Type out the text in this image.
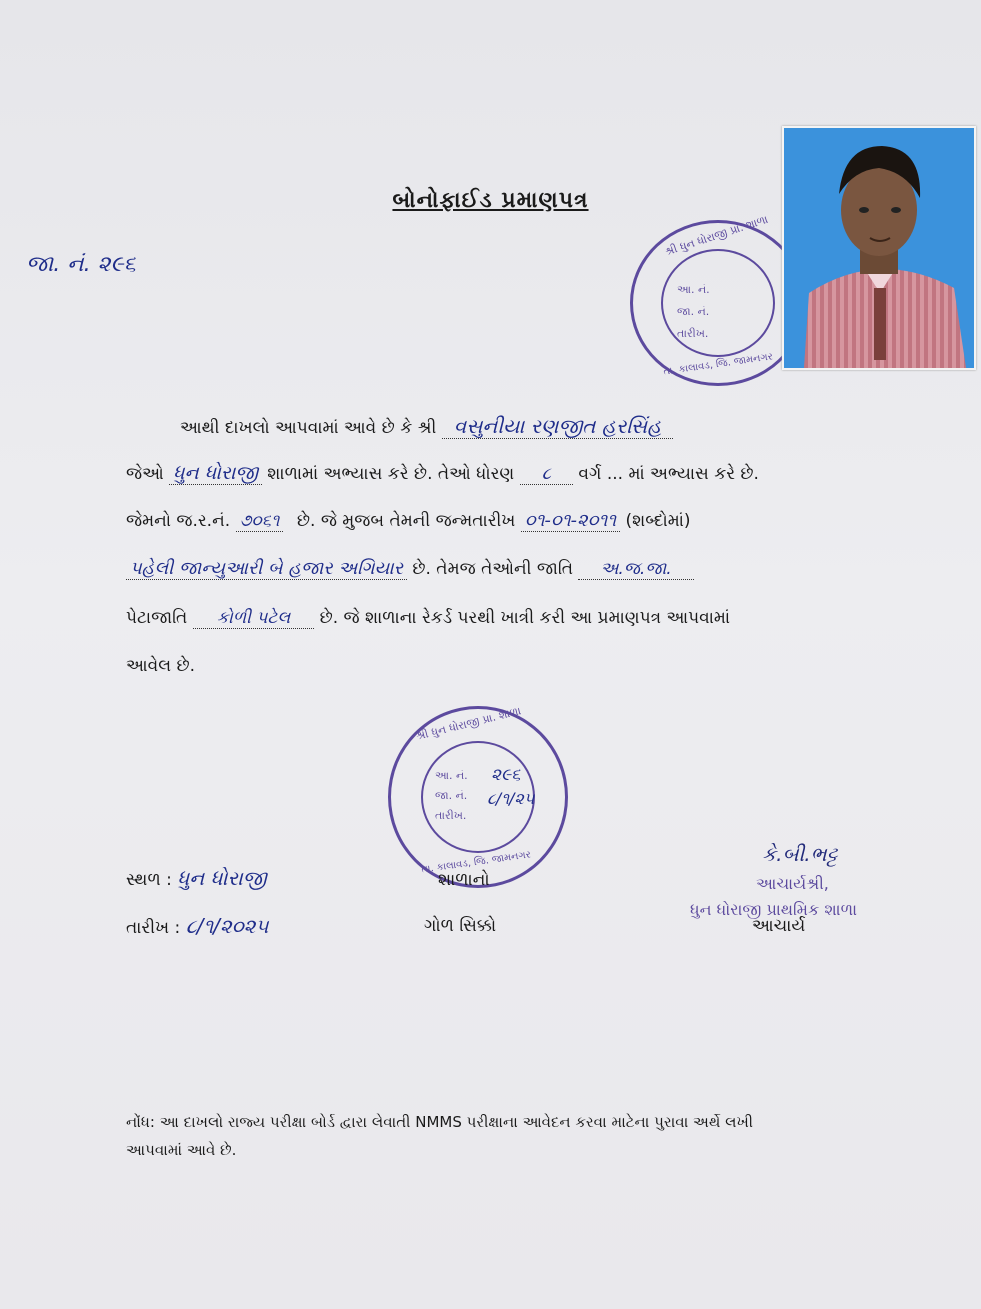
બોનોફાઈડ પ્રમાણપત્ર
જા. નં. ૨૯૬
શ્રી ધુન ધોરાજી પ્રા. શાળા
આ. નં.
જા. નં.
તારીખ.
તા. કાલાવડ, જિ. જામનગર
આથી દાખલો આપવામાં આવે છે કે શ્રી વસુનીયા રણજીત હરસિંહ
જેઓ ધુન ધોરાજી શાળામાં અભ્યાસ કરે છે. તેઓ ધોરણ ૮ વર્ગ ... માં અભ્યાસ કરે છે.
જેમનો જ.ર.નં. ૭૦૬૧ છે. જે મુજબ તેમની જન્મતારીખ ૦૧-૦૧-૨૦૧૧ (શબ્દોમાં)
પહેલી જાન્યુઆરી બે હજાર અગિયાર છે. તેમજ તેઓની જાતિ અ.જ.જા.
પેટાજાતિ કોળી પટેલ છે. જે શાળાના રેકર્ડ પરથી ખાત્રી કરી આ પ્રમાણપત્ર આપવામાં
આવેલ છે.
શ્રી ધુન ધોરાજી પ્રા. શાળા
આ. નં.
જા. નં.
તારીખ.
૨૯૬
૮/૧/૨૫
તા. કાલાવડ, જિ. જામનગર
સ્થળ : ધુન ધોરાજી
તારીખ : ૮/૧/૨૦૨૫
શાળાનો
ગોળ સિક્કો
કે.બી.ભટ્ટ
આચાર્યશ્રી,
ધુન ધોરાજી પ્રાથમિક શાળા
આચાર્ય
નોંધ: આ દાખલો રાજ્ય પરીક્ષા બોર્ડ દ્વારા લેવાતી NMMS પરીક્ષાના આવેદન કરવા માટેના પુરાવા અર્થે લખી
આપવામાં આવે છે.
